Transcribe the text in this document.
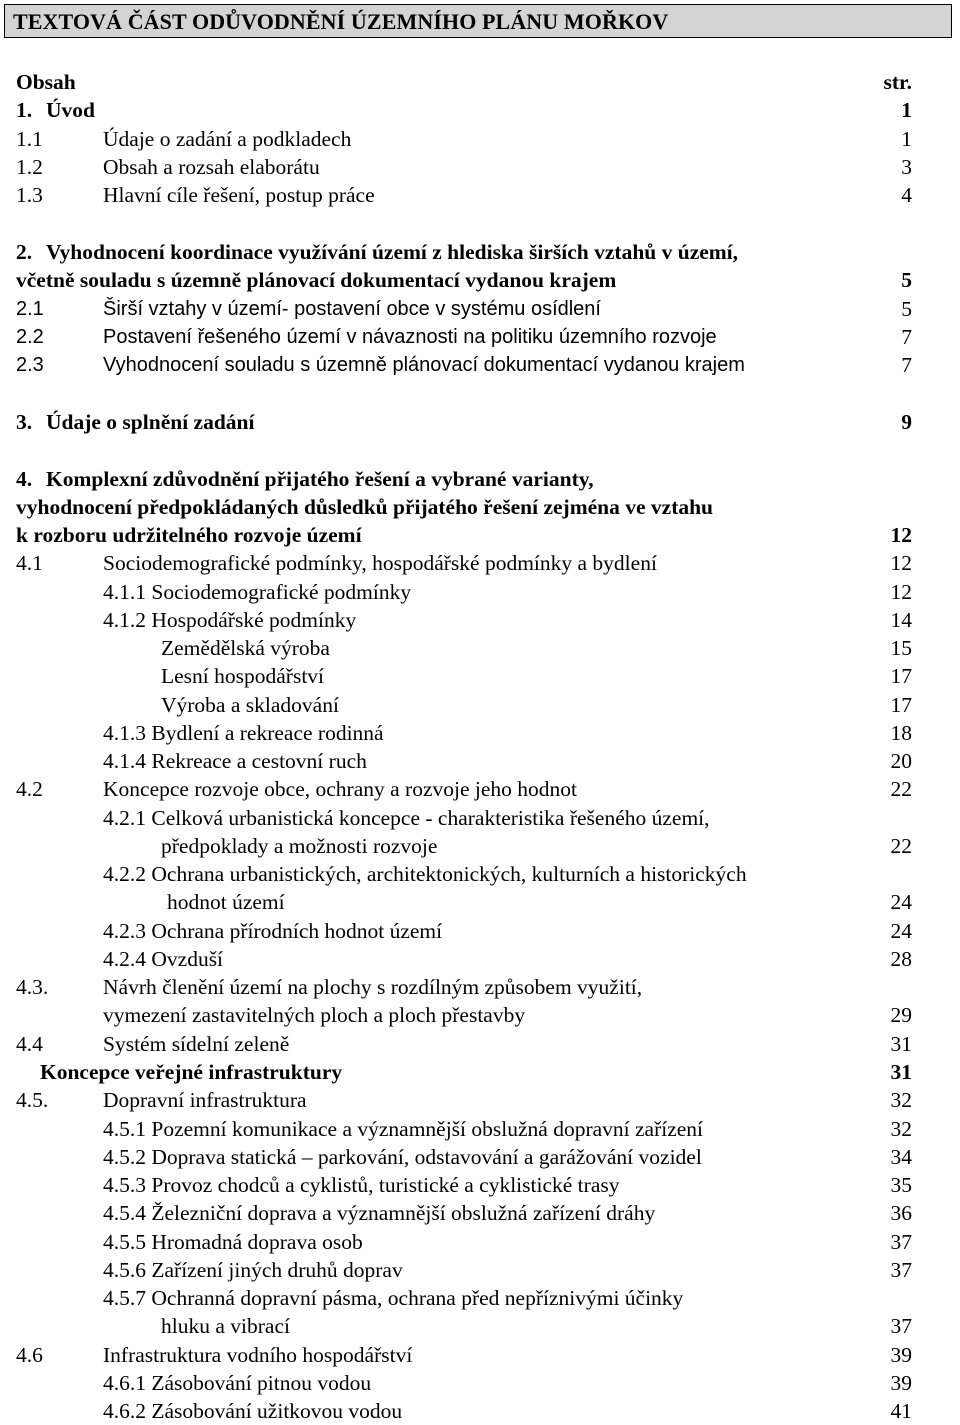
TEXTOVÁ ČÁST ODŮVODNĚNÍ ÚZEMNÍHO PLÁNU MOŘKOV
Obsah	str.
1. Úvod	1
1.1	Údaje o zadání a podkladech	1
1.2	Obsah a rozsah elaborátu	3
1.3	Hlavní cíle řešení, postup práce	4
2. Vyhodnocení koordinace využívání území z hlediska širších vztahů v území,
včetně souladu s územně plánovací dokumentací vydanou krajem	5
2.1	Širší vztahy v území- postavení obce v systému osídlení	5
2.2	Postavení řešeného území v návaznosti na politiku územního rozvoje	7
2.3	Vyhodnocení souladu s územně plánovací dokumentací vydanou krajem	7
3. Údaje o splnění zadání	9
4. Komplexní zdůvodnění přijatého řešení a vybrané varianty,
vyhodnocení předpokládaných důsledků přijatého řešení zejména ve vztahu
k rozboru udržitelného rozvoje území	12
4.1	Sociodemografické podmínky, hospodářské podmínky a bydlení	12
4.1.1 Sociodemografické podmínky	12
4.1.2 Hospodářské podmínky	14
Zemědělská výroba	15
Lesní hospodářství	17
Výroba a skladování	17
4.1.3 Bydlení a rekreace rodinná	18
4.1.4 Rekreace a cestovní ruch	20
4.2	Koncepce rozvoje obce, ochrany a rozvoje jeho hodnot	22
4.2.1 Celková urbanistická koncepce - charakteristika řešeného území,
předpoklady a možnosti rozvoje	22
4.2.2 Ochrana urbanistických, architektonických, kulturních a historických
hodnot území	24
4.2.3 Ochrana přírodních hodnot území	24
4.2.4 Ovzduší	28
4.3.	Návrh členění území na plochy s rozdílným způsobem využití,
vymezení zastavitelných ploch a ploch přestavby	29
4.4	Systém sídelní zeleně	31
Koncepce veřejné infrastruktury	31
4.5.	Dopravní infrastruktura	32
4.5.1 Pozemní komunikace a významnější obslužná dopravní zařízení	32
4.5.2 Doprava statická – parkování, odstavování a garážování vozidel	34
4.5.3 Provoz chodců a cyklistů, turistické a cyklistické trasy	35
4.5.4 Železniční doprava a významnější obslužná zařízení dráhy	36
4.5.5 Hromadná doprava osob	37
4.5.6 Zařízení jiných druhů doprav	37
4.5.7 Ochranná dopravní pásma, ochrana před nepříznivými účinky
hluku a vibrací	37
4.6	Infrastruktura vodního hospodářství	39
4.6.1 Zásobování pitnou vodou	39
4.6.2 Zásobování užitkovou vodou	41
